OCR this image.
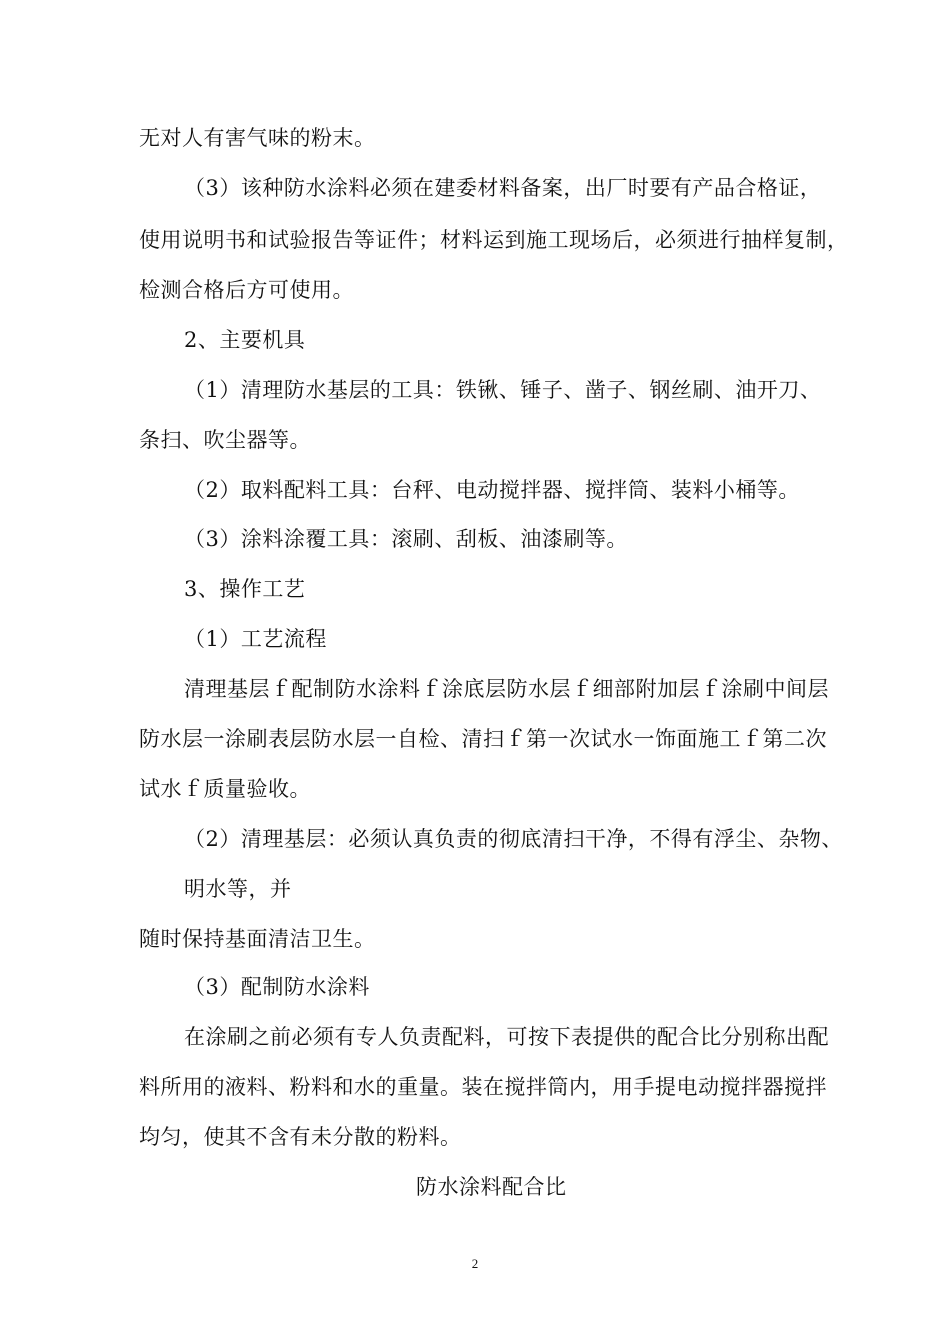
无对人有害气味的粉末。
（3）该种防水涂料必须在建委材料备案，出厂时要有产品合格证，
使用说明书和试验报告等证件；材料运到施工现场后，必须进行抽样复制，
检测合格后方可使用。
2、主要机具
（1）清理防水基层的工具：铁锹、锤子、凿子、钢丝刷、油开刀、
条扫、吹尘器等。
（2）取料配料工具：台秤、电动搅拌器、搅拌筒、装料小桶等。
（3）涂料涂覆工具：滚刷、刮板、油漆刷等。
3、操作工艺
（1）工艺流程
清理基层ｆ配制防水涂料ｆ涂底层防水层ｆ细部附加层ｆ涂刷中间层
防水层一涂刷表层防水层一自检、清扫ｆ第一次试水一饰面施工ｆ第二次
试水ｆ质量验收。
（2）清理基层：必须认真负责的彻底清扫干净，不得有浮尘、杂物、
明水等，并
随时保持基面清洁卫生。
（3）配制防水涂料
在涂刷之前必须有专人负责配料，可按下表提供的配合比分别称出配
料所用的液料、粉料和水的重量。装在搅拌筒内，用手提电动搅拌器搅拌
均匀，使其不含有未分散的粉料。
防水涂料配合比
2
